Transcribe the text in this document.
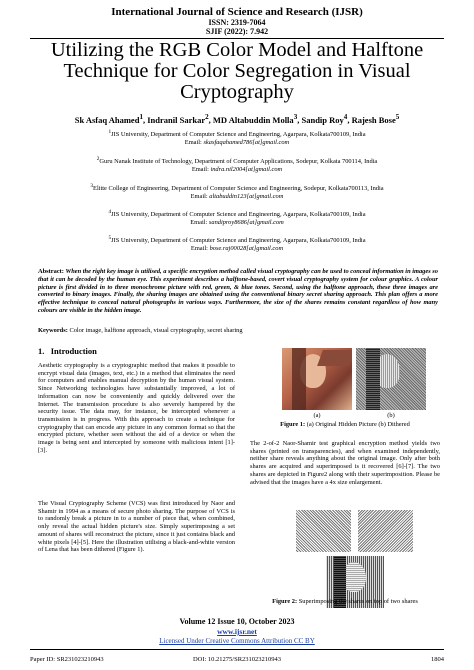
International Journal of Science and Research (IJSR)
ISSN: 2319-7064
SJIF (2022): 7.942
Utilizing the RGB Color Model and Halftone
Technique for Color Segregation in Visual
Cryptography
Sk Asfaq Ahamed$^1$, Indranil Sarkar$^2$, MD Altabuddin Molla$^3$, Sandip Roy$^4$, Rajesh Bose$^5$
$^1$JIS University, Department of Computer Science and Engineering, Agarpara, Kolkata700109, India
Email: skasfaqahamed786[at]gmail.com
$^2$Guru Nanak Institute of Technology, Department of Computer Applications, Sodepur, Kolkata 700114, India
Email: indra.nil2004[at]gmail.com
$^3$Elitte College of Engineering, Department of Computer Science and Engineering, Sodepur, Kolkata700113, India
Email: altabuddin123[at]gmail.com
$^4$JIS University, Department of Computer Science and Engineering, Agarpara, Kolkata700109, India
Email: sandiproy8686[at]gmail.com
$^5$JIS University, Department of Computer Science and Engineering, Agarpara, Kolkata700109, India
Email: bose.raj00028[at]gmail.com
Abstract: When the right key image is utilised, a specific encryption method called visual cryptography can be used to conceal information in images so that it can be decoded by the human eye. This experiment describes a halftone-based, covert visual cryptography system for colour graphics. A colour picture is first divided in to three monochrome picture with red, green, & blue tones. Second, using the halftone approach, these three images are converted to binary images. Finally, the sharing images are obtained using the conventional binary secret sharing approach. This plan offers a more effective technique to conceal natural photographs in various ways. Furthermore, the size of the shares remains constant regardless of how many colours are visible in the hidden image.
Keywords: Color image, halftone approach, visual cryptography, secret sharing
1. Introduction
Aesthetic cryptography is a cryptographic method that makes it possible to encrypt visual data (images, text, etc.) in a method that eliminates the need for computers and enables manual decryption by the human visual system. Since Networking technologies have substantially improved, a lot of information can now be conveniently and quickly delivered over the Internet. The transmission procedure is also severely hampered by the security issue. The data may, for instance, be intercepted whenever a transmission is in progress. With this approach to create a technique for cryptography that can encode any picture in any common format so that the encrypted picture, whether seen without the aid of a device or when the image is being sent and intercepted by someone with malicious intent [1]-[3].
The Visual Cryptography Scheme (VCS) was first introduced by Naor and Shamir in 1994 as a means of secure photo sharing. The purpose of VCS is to randomly break a picture in to a number of piece that, when combined, only reveal the actual hidden picture's size. Simply superimposing a set amount of shares will reconstruct the picture, since it just contains black and white pixels [4]-[5]. Here the illustration utilising a black-and-white version of Lena that has been dithered (Figure 1).
(a)	(b)
Figure 1: (a) Original Hidden Picture (b) Dithered
The 2-of-2 Naor-Shamir test graphical encryption method yields two shares (printed on transparencies), and when examined independently, neither share reveals anything about the original image. Only after both shares are acquired and superimposed is it recovered [6]-[7]. The two shares are depicted in Figure2 along with their superimposition. Please be advised that the images have a 4x size enlargement.
Figure 2: Superimposing the shares on top of two shares
Volume 12 Issue 10, October 2023
www.ijsr.net
Licensed Under Creative Commons Attribution CC BY
Paper ID: SR231023210943	DOI: 10.21275/SR231023210943	1804
